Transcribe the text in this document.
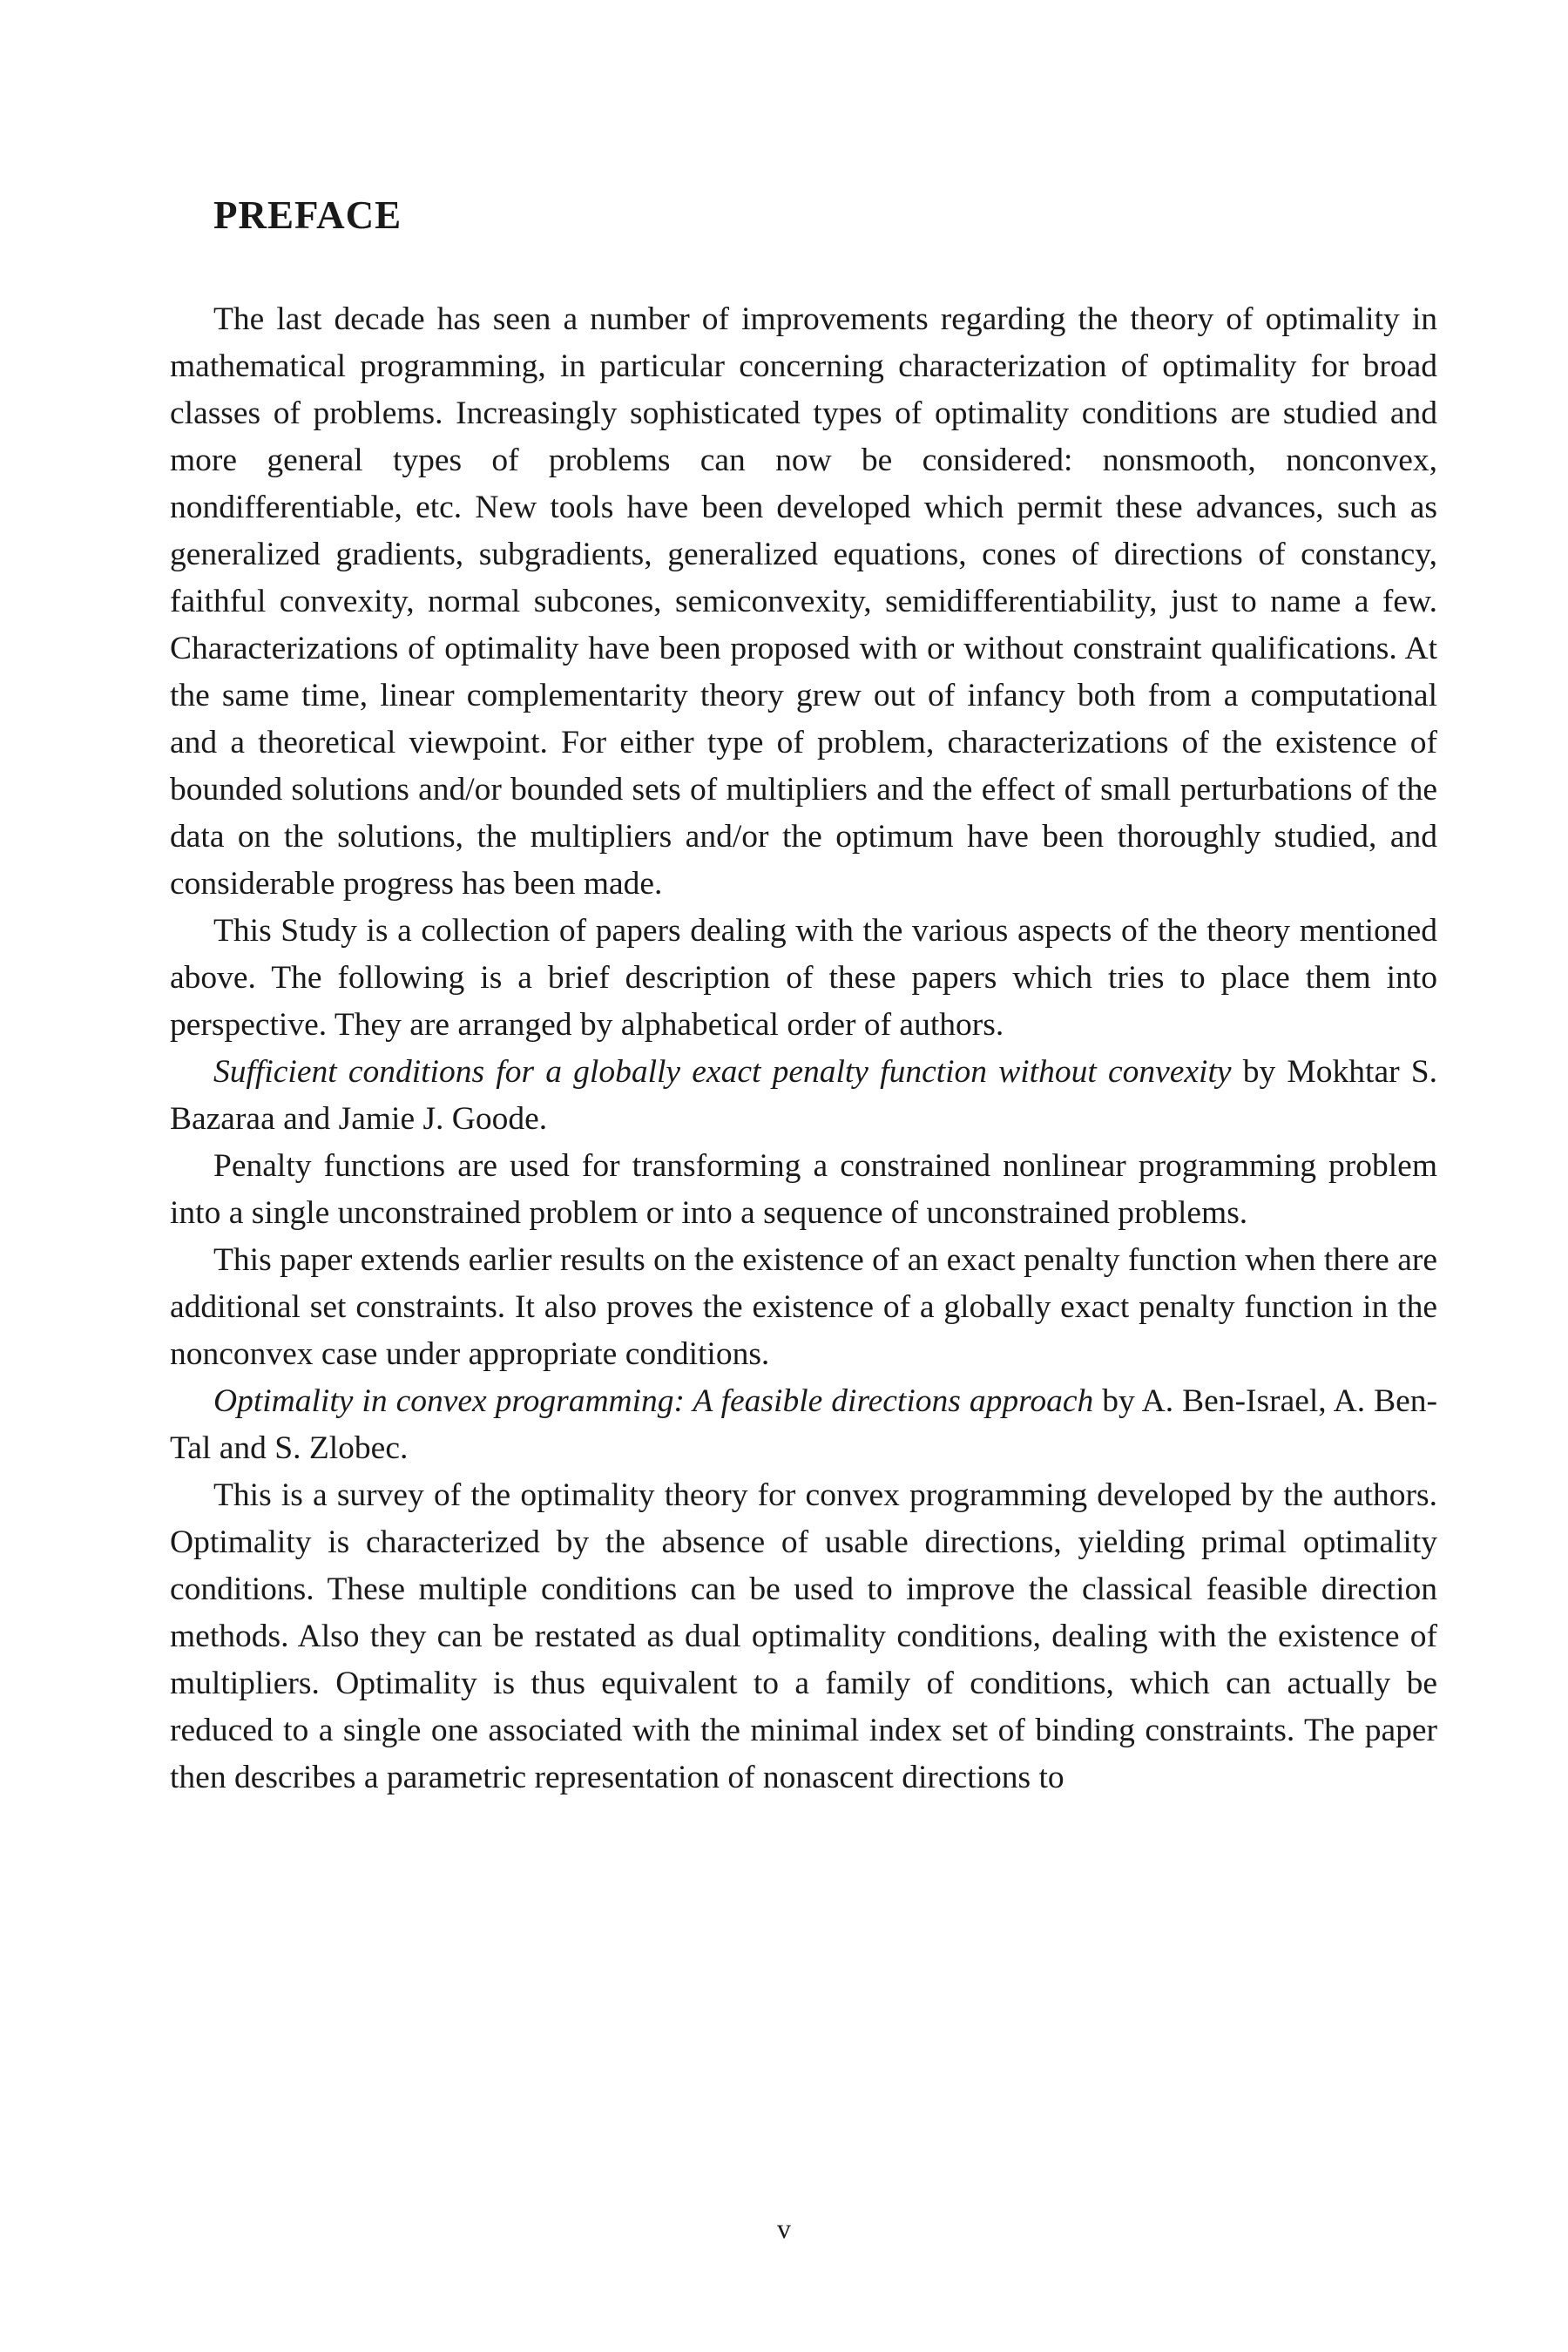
PREFACE

The last decade has seen a number of improvements regarding the theory of optimality in mathematical programming, in particular concerning characterization of optimality for broad classes of problems. Increasingly sophisticated types of optimality conditions are studied and more general types of problems can now be considered: nonsmooth, nonconvex, nondifferentiable, etc. New tools have been developed which permit these advances, such as generalized gradients, subgradients, generalized equations, cones of directions of constancy, faithful convexity, normal subcones, semiconvexity, semidifferentiability, just to name a few. Characterizations of optimality have been proposed with or without constraint qualifications. At the same time, linear complementarity theory grew out of infancy both from a computational and a theoretical viewpoint. For either type of problem, characterizations of the existence of bounded solutions and/or bounded sets of multipliers and the effect of small perturbations of the data on the solutions, the multipliers and/or the optimum have been thoroughly studied, and considerable progress has been made.

This Study is a collection of papers dealing with the various aspects of the theory mentioned above. The following is a brief description of these papers which tries to place them into perspective. They are arranged by alphabetical order of authors.

Sufficient conditions for a globally exact penalty function without convexity by Mokhtar S. Bazaraa and Jamie J. Goode.

Penalty functions are used for transforming a constrained nonlinear programming problem into a single unconstrained problem or into a sequence of unconstrained problems.

This paper extends earlier results on the existence of an exact penalty function when there are additional set constraints. It also proves the existence of a globally exact penalty function in the nonconvex case under appropriate conditions.

Optimality in convex programming: A feasible directions approach by A. Ben-Israel, A. Ben-Tal and S. Zlobec.

This is a survey of the optimality theory for convex programming developed by the authors. Optimality is characterized by the absence of usable directions, yielding primal optimality conditions. These multiple conditions can be used to improve the classical feasible direction methods. Also they can be restated as dual optimality conditions, dealing with the existence of multipliers. Optimality is thus equivalent to a family of conditions, which can actually be reduced to a single one associated with the minimal index set of binding constraints. The paper then describes a parametric representation of nonascent directions to

v
